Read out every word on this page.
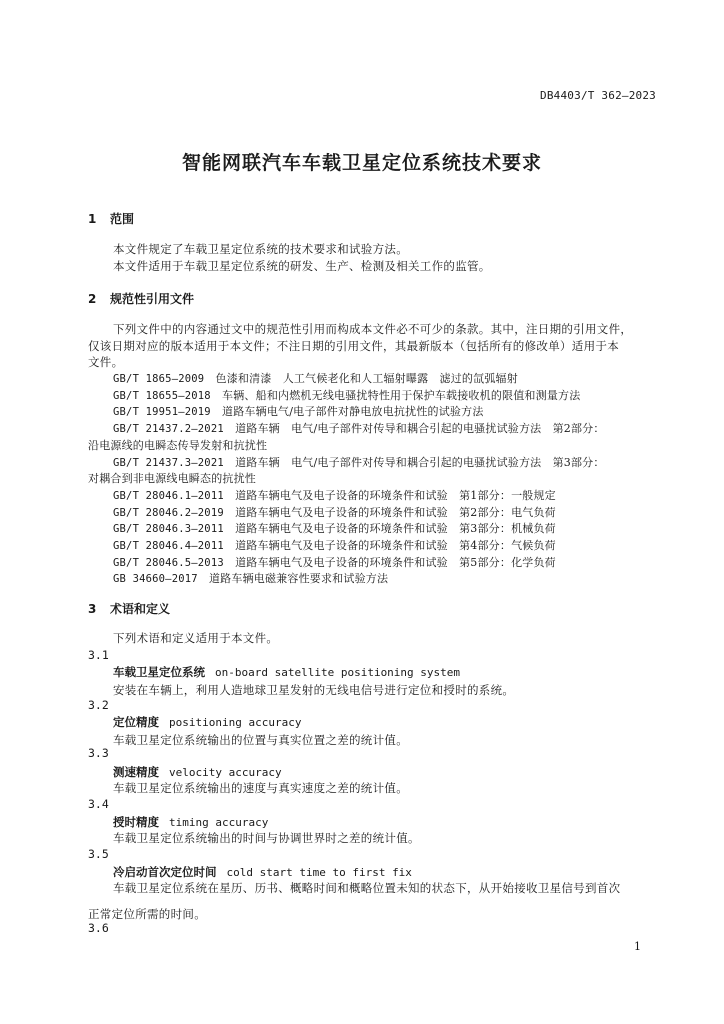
DB4403/T 362—2023
智能网联汽车车载卫星定位系统技术要求
1 范围
本文件规定了车载卫星定位系统的技术要求和试验方法。
本文件适用于车载卫星定位系统的研发、生产、检测及相关工作的监管。
2 规范性引用文件
下列文件中的内容通过文中的规范性引用而构成本文件必不可少的条款。其中，注日期的引用文件，
仅该日期对应的版本适用于本文件；不注日期的引用文件，其最新版本（包括所有的修改单）适用于本
文件。
GB/T 1865—2009　 色漆和清漆　人工气候老化和人工辐射曝露　滤过的氙弧辐射
GB/T 18655—2018　 车辆、船和内燃机无线电骚扰特性用于保护车载接收机的限值和测量方法
GB/T 19951—2019　 道路车辆电气/电子部件对静电放电抗扰性的试验方法
GB/T 21437.2—2021　 道路车辆　电气/电子部件对传导和耦合引起的电骚扰试验方法　第2部分：
沿电源线的电瞬态传导发射和抗扰性
GB/T 21437.3—2021　 道路车辆　电气/电子部件对传导和耦合引起的电骚扰试验方法　第3部分：
对耦合到非电源线电瞬态的抗扰性
GB/T 28046.1—2011　 道路车辆电气及电子设备的环境条件和试验　第1部分：一般规定
GB/T 28046.2—2019　 道路车辆电气及电子设备的环境条件和试验　第2部分：电气负荷
GB/T 28046.3—2011　 道路车辆电气及电子设备的环境条件和试验　第3部分：机械负荷
GB/T 28046.4—2011　 道路车辆电气及电子设备的环境条件和试验　第4部分：气候负荷
GB/T 28046.5—2013　 道路车辆电气及电子设备的环境条件和试验　第5部分：化学负荷
GB 34660—2017　 道路车辆电磁兼容性要求和试验方法
3 术语和定义
下列术语和定义适用于本文件。
3.1
车载卫星定位系统 on-board satellite positioning system
安装在车辆上，利用人造地球卫星发射的无线电信号进行定位和授时的系统。
3.2
定位精度 positioning accuracy
车载卫星定位系统输出的位置与真实位置之差的统计值。
3.3
测速精度 velocity accuracy
车载卫星定位系统输出的速度与真实速度之差的统计值。
3.4
授时精度 timing accuracy
车载卫星定位系统输出的时间与协调世界时之差的统计值。
3.5
冷启动首次定位时间 cold start time to first fix
车载卫星定位系统在星历、历书、概略时间和概略位置未知的状态下，从开始接收卫星信号到首次
正常定位所需的时间。
3.6
1
